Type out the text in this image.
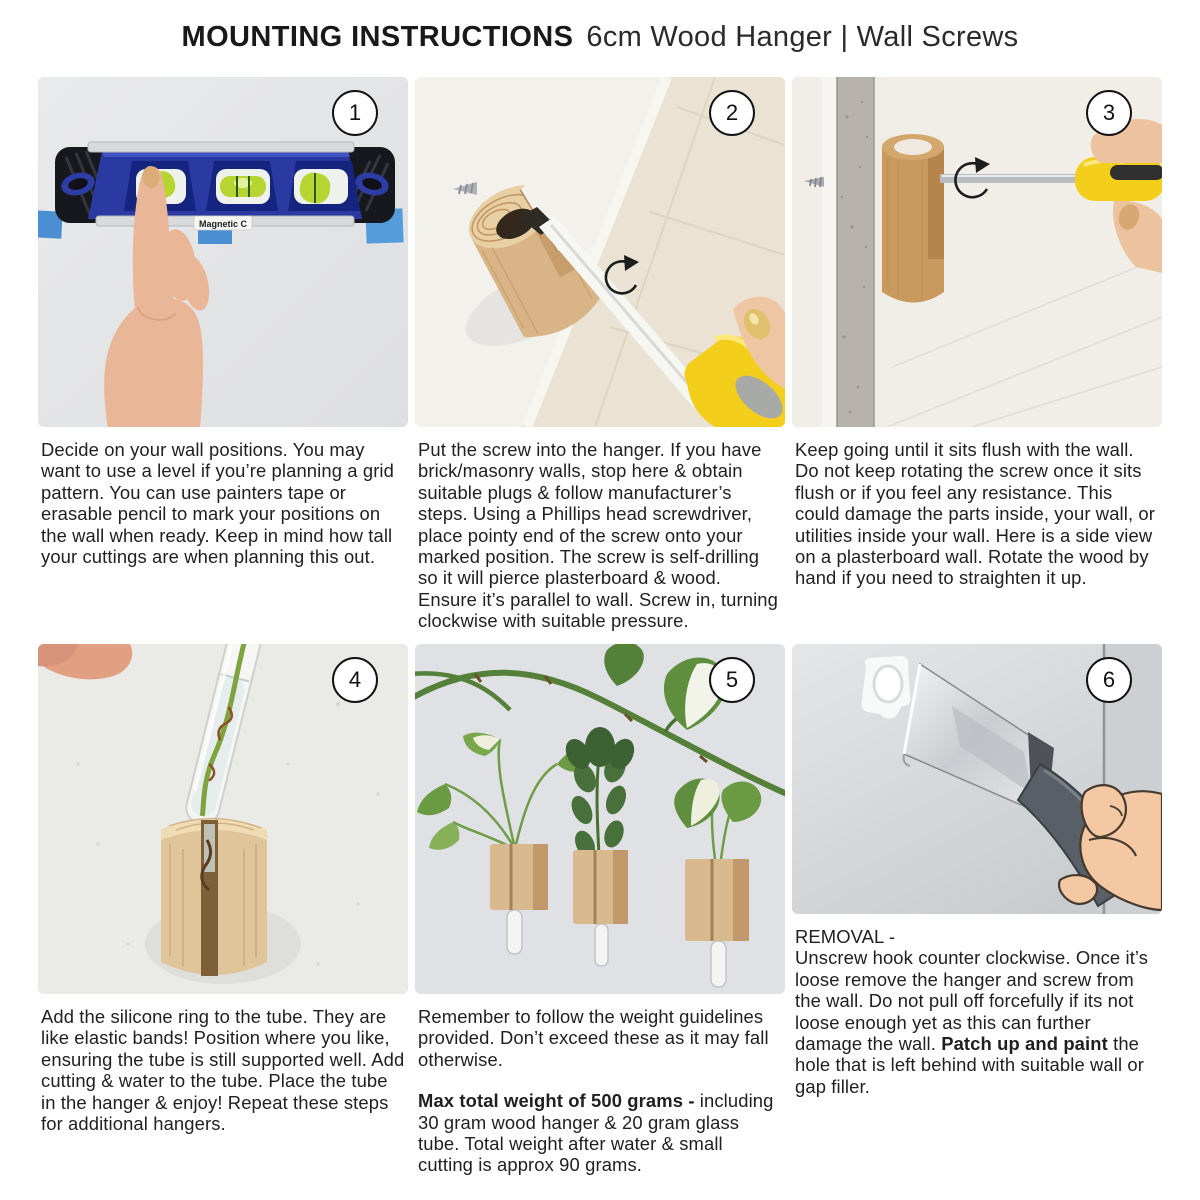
MOUNTING INSTRUCTIONS 6cm Wood Hanger | Wall Screws
Magnetic C
1

Decide on your wall positions. You may want to use a level if you’re planning a grid pattern. You can use painters tape or erasable pencil to mark your positions on the wall when ready. Keep in mind how tall your cuttings are when planning this out.

2

Put the screw into the hanger. If you have brick/masonry walls, stop here & obtain suitable plugs & follow manufacturer’s steps. Using a Phillips head screwdriver, place pointy end of the screw onto your marked position. The screw is self-drilling so it will pierce plasterboard & wood. Ensure it’s parallel to wall. Screw in, turning clockwise with suitable pressure.

3

Keep going until it sits flush with the wall. Do not keep rotating the screw once it sits flush or if you feel any resistance. This could damage the parts inside, your wall, or utilities inside your wall. Here is a side view on a plasterboard wall. Rotate the wood by hand if you need to straighten it up.

4

Add the silicone ring to the tube. They are like elastic bands! Position where you like, ensuring the tube is still supported well. Add cutting & water to the tube. Place the tube in the hanger & enjoy! Repeat these steps for additional hangers.

5

Remember to follow the weight guidelines provided. Don’t exceed these as it may fall otherwise.

Max total weight of 500 grams - including 30 gram wood hanger & 20 gram glass tube. Total weight after water & small cutting is approx 90 grams.

6

REMOVAL -
Unscrew hook counter clockwise. Once it’s loose remove the hanger and screw from the wall. Do not pull off forcefully if its not loose enough yet as this can further damage the wall. Patch up and paint the hole that is left behind with suitable wall or gap filler.
